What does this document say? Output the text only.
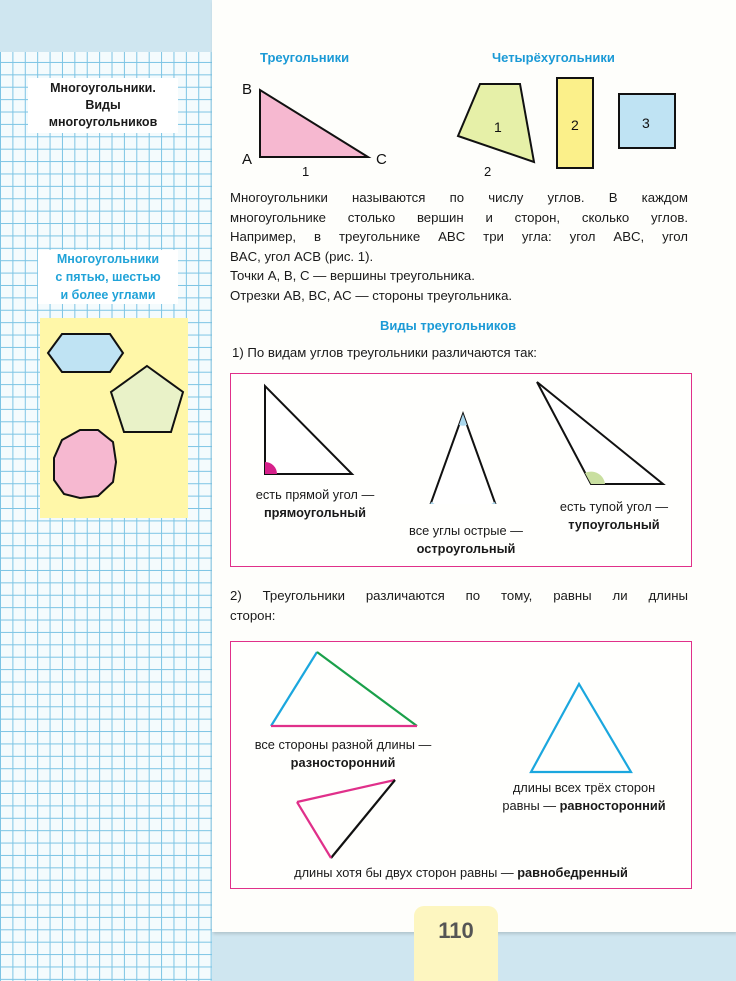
Многоугольники.
Виды
многоугольников
Многоугольники
с пятью, шестью
и более углами
Треугольники	Четырёхугольники
B
A	C
1
1
2
2	3
Многоугольники называются по числу углов. В каждом
многоугольнике столько вершин и сторон, сколько углов.
Например, в треугольнике ABC три угла: угол ABC, угол
BAC, угол ACB (рис. 1).
Точки A, B, C — вершины треугольника.
Отрезки AB, BC, AC — стороны треугольника.
Виды треугольников
1) По видам углов треугольники различаются так:
есть прямой угол —
прямоугольный
все углы острые —
остроугольный
есть тупой угол —
тупоугольный
2) Треугольники различаются по тому, равны ли длины
сторон:
все стороны разной длины —
разносторонний
длины всех трёх сторон
равны — равносторонний
длины хотя бы двух сторон равны — равнобедренный
110
